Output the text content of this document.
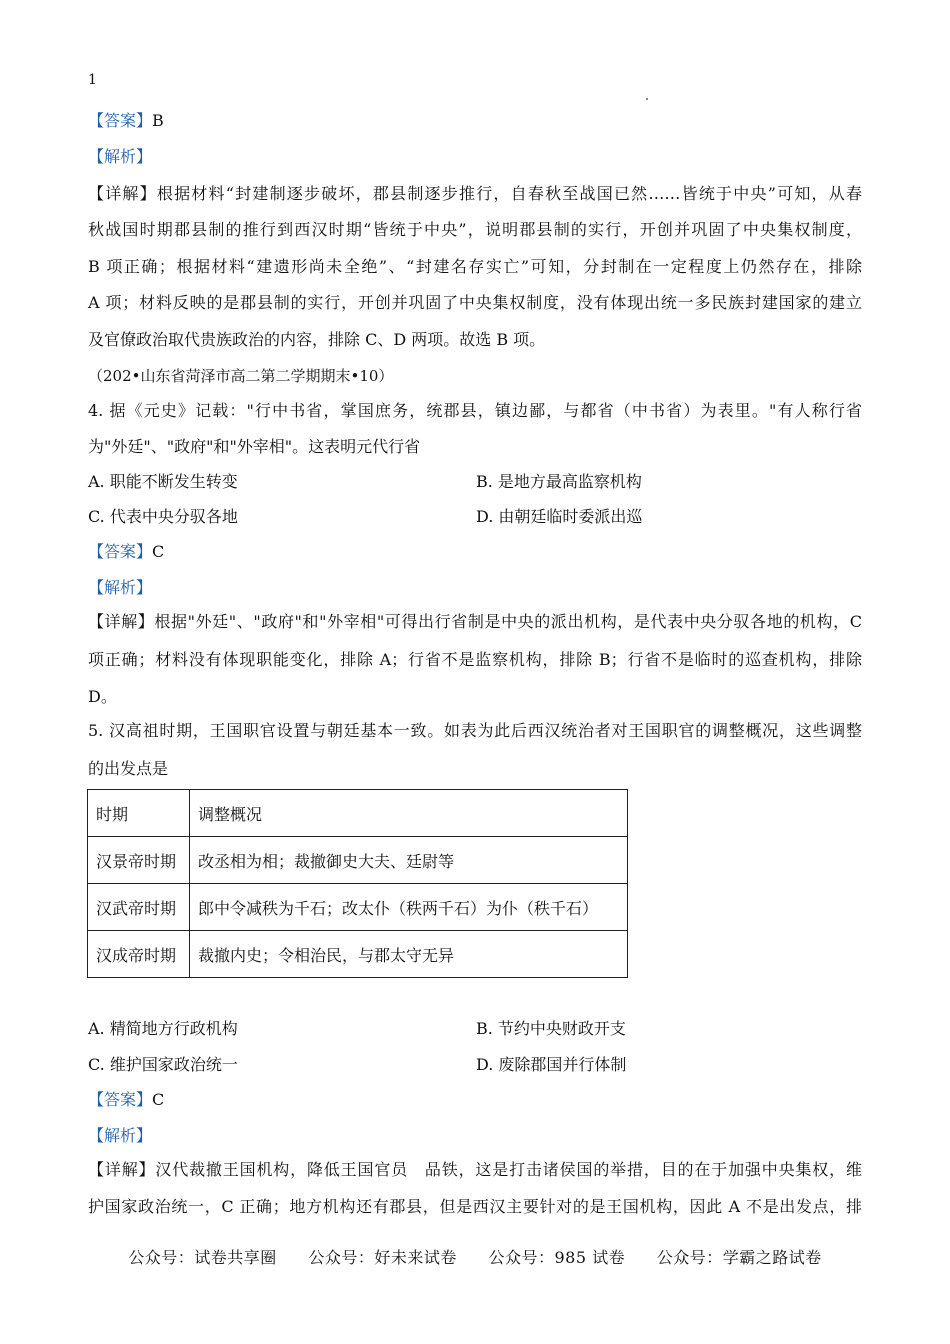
1
【答案】B
【解析】
【详解】根据材料“封建制逐步破坏，郡县制逐步推行，自春秋至战国已然……皆统于中央”可知，从春
秋战国时期郡县制的推行到西汉时期“皆统于中央”，说明郡县制的实行，开创并巩固了中央集权制度，
B 项正确；根据材料“建遗形尚未全绝”、“封建名存实亡”可知，分封制在一定程度上仍然存在，排除
A 项；材料反映的是郡县制的实行，开创并巩固了中央集权制度，没有体现出统一多民族封建国家的建立
及官僚政治取代贵族政治的内容，排除 C、D 两项。故选 B 项。
（202•山东省菏泽市高二第二学期期末•10）
4. 据《元史》记载："行中书省，掌国庶务，统郡县，镇边鄙，与都省（中书省）为表里。"有人称行省
为"外廷"、"政府"和"外宰相"。这表明元代行省
A. 职能不断发生转变	B. 是地方最高监察机构
C. 代表中央分驭各地	D. 由朝廷临时委派出巡
【答案】C
【解析】
【详解】根据"外廷"、"政府"和"外宰相"可得出行省制是中央的派出机构，是代表中央分驭各地的机构，C
项正确；材料没有体现职能变化，排除 A；行省不是监察机构，排除 B；行省不是临时的巡查机构，排除
D。
5. 汉高祖时期，王国职官设置与朝廷基本一致。如表为此后西汉统治者对王国职官的调整概况，这些调整
的出发点是
时期	调整概况
汉景帝时期	改丞相为相；裁撤御史大夫、廷尉等
汉武帝时期	郎中令减秩为千石；改太仆（秩两千石）为仆（秩千石）
汉成帝时期	裁撤内史；令相治民，与郡太守无异
A. 精简地方行政机构	B. 节约中央财政开支
C. 维护国家政治统一	D. 废除郡国并行体制
【答案】C
【解析】
【详解】汉代裁撤王国机构，降低王国官员　品铁，这是打击诸侯国的举措，目的在于加强中央集权，维
护国家政治统一，C 正确；地方机构还有郡县，但是西汉主要针对的是王国机构，因此 A 不是出发点，排
公众号：试卷共享圈 公众号：好未来试卷 公众号：985 试卷 公众号：学霸之路试卷
